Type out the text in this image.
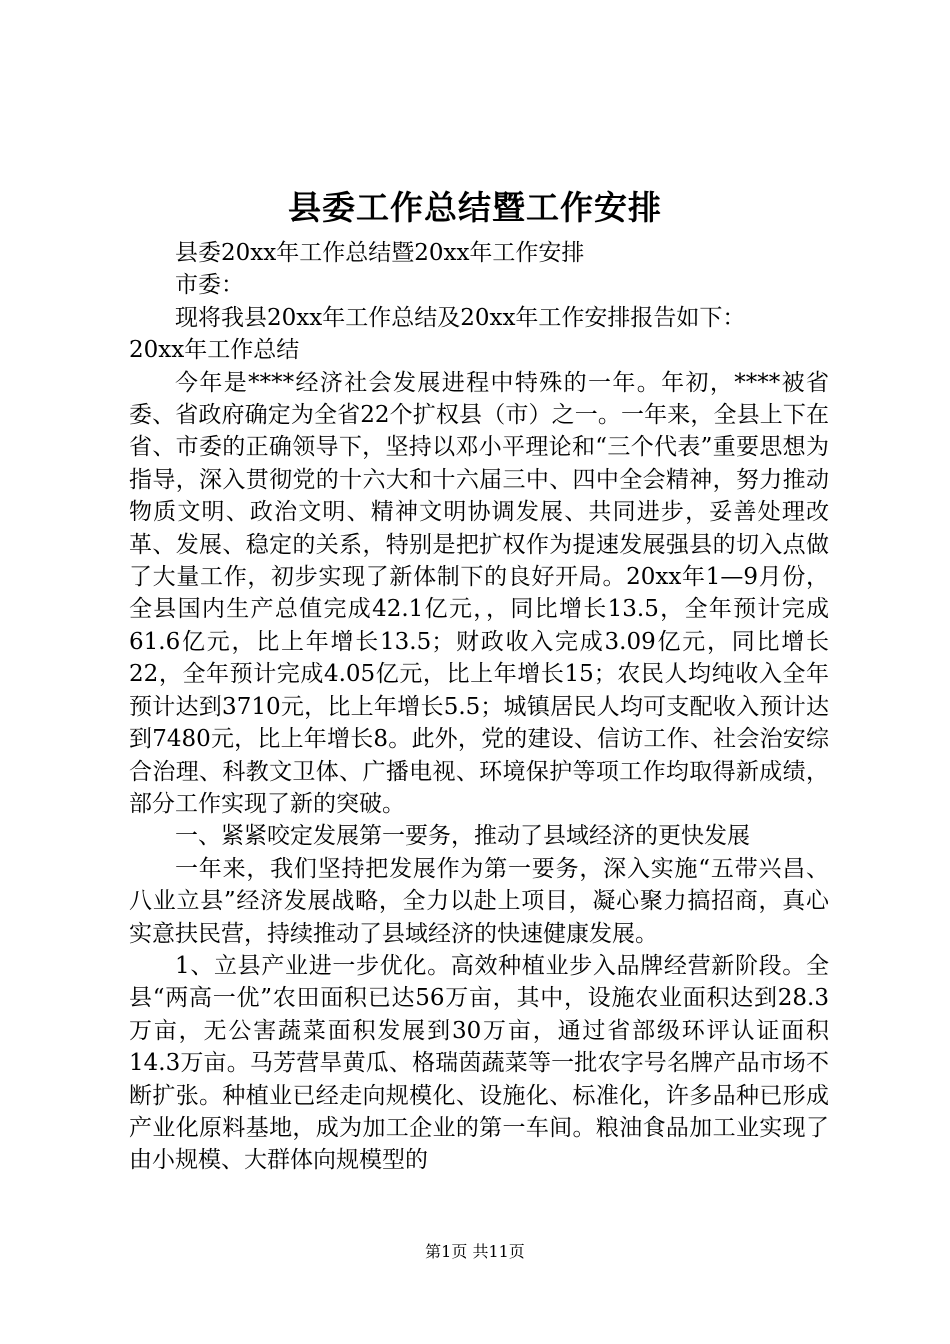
县委工作总结暨工作安排

县委20xx年工作总结暨20xx年工作安排

市委：

现将我县20xx年工作总结及20xx年工作安排报告如下：

20xx年工作总结

今年是****经济社会发展进程中特殊的一年。年初，****被省委、省政府确定为全省22个扩权县（市）之一。一年来，全县上下在省、市委的正确领导下，坚持以邓小平理论和“三个代表”重要思想为指导，深入贯彻党的十六大和十六届三中、四中全会精神，努力推动物质文明、政治文明、精神文明协调发展、共同进步，妥善处理改革、发展、稳定的关系，特别是把扩权作为提速发展强县的切入点做了大量工作，初步实现了新体制下的良好开局。20xx年1—9月份，全县国内生产总值完成42.1亿元，，同比增长13.5，全年预计完成61.6亿元，比上年增长13.5；财政收入完成3.09亿元，同比增长22，全年预计完成4.05亿元，比上年增长15；农民人均纯收入全年预计达到3710元，比上年增长5.5；城镇居民人均可支配收入预计达到7480元，比上年增长8。此外，党的建设、信访工作、社会治安综合治理、科教文卫体、广播电视、环境保护等项工作均取得新成绩，部分工作实现了新的突破。

一、紧紧咬定发展第一要务，推动了县域经济的更快发展

一年来，我们坚持把发展作为第一要务，深入实施“五带兴昌、八业立县”经济发展战略，全力以赴上项目，凝心聚力搞招商，真心实意扶民营，持续推动了县域经济的快速健康发展。

1、立县产业进一步优化。高效种植业步入品牌经营新阶段。全县“两高一优”农田面积已达56万亩，其中，设施农业面积达到28.3万亩，无公害蔬菜面积发展到30万亩，通过省部级环评认证面积14.3万亩。马芳营旱黄瓜、格瑞茵蔬菜等一批农字号名牌产品市场不断扩张。种植业已经走向规模化、设施化、标准化，许多品种已形成产业化原料基地，成为加工企业的第一车间。粮油食品加工业实现了由小规模、大群体向规模型的

第1页 共11页
